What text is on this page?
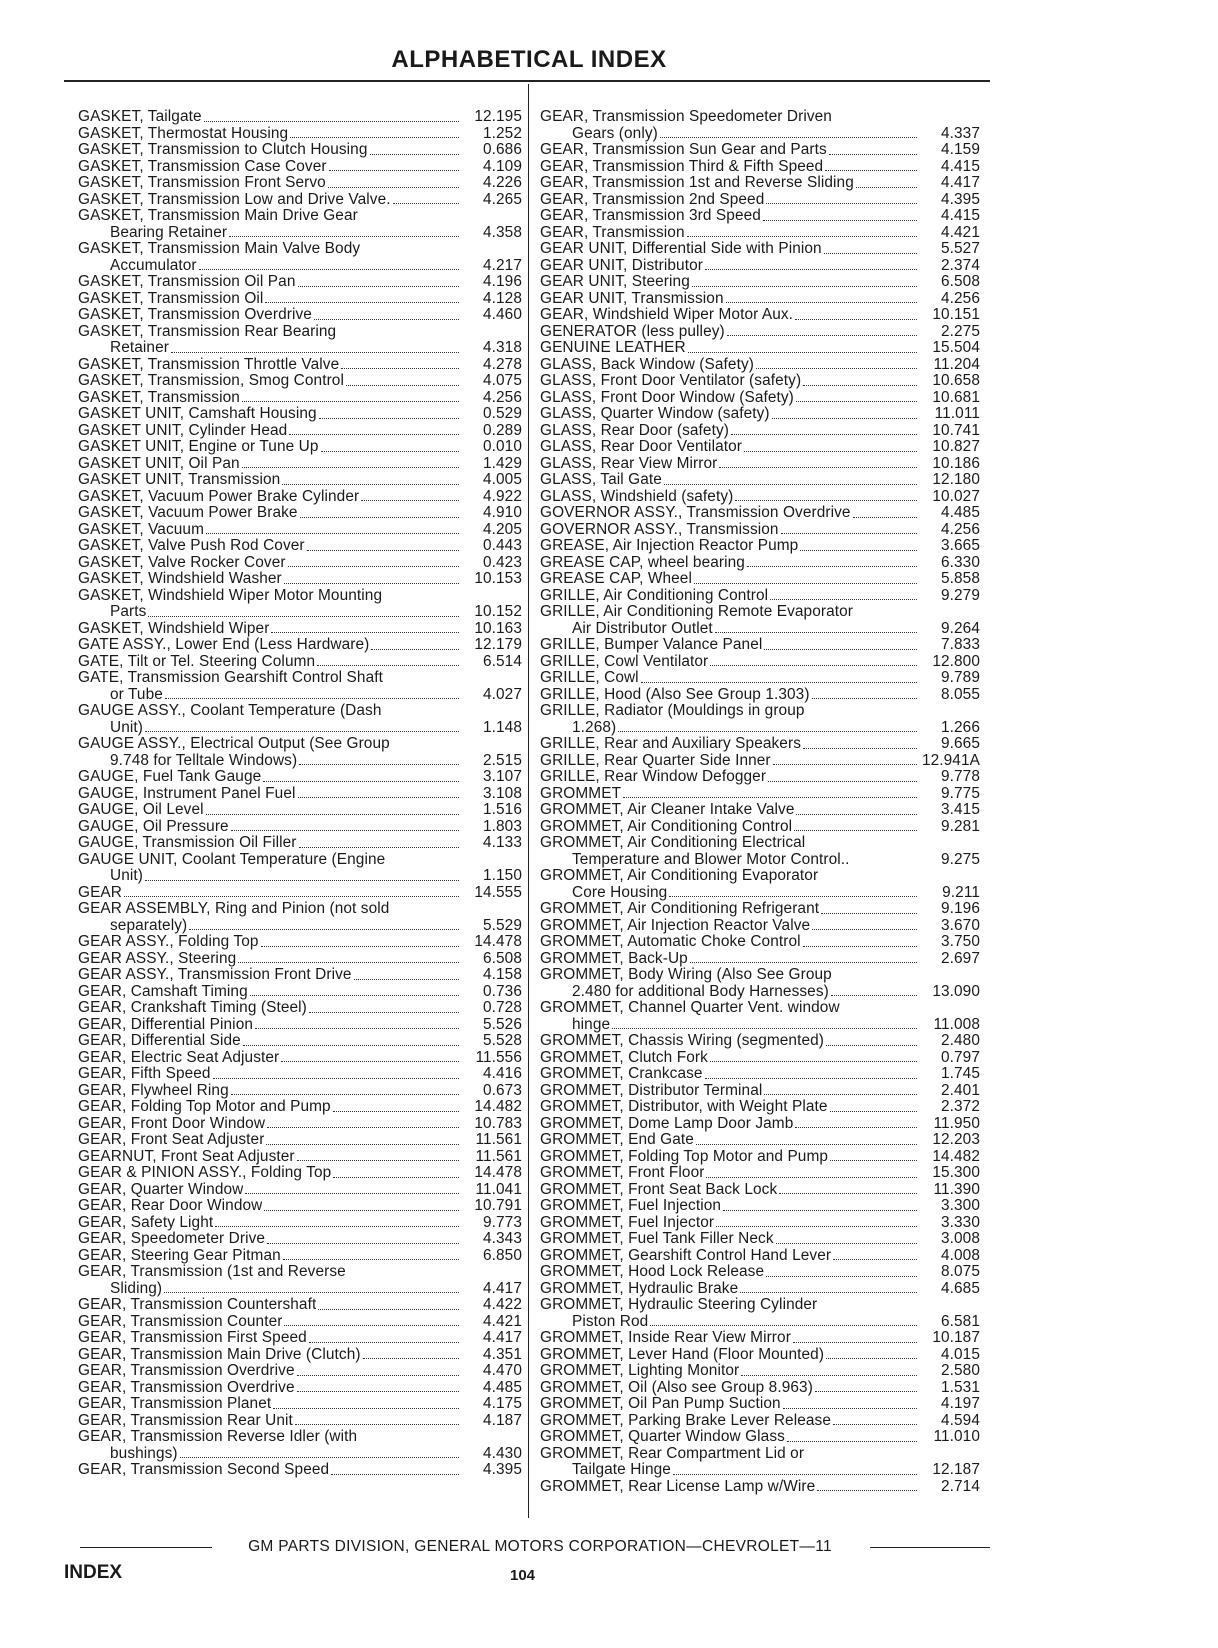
ALPHABETICAL INDEX
GASKET, Tailgate	12.195
GASKET, Thermostat Housing	1.252
GASKET, Transmission to Clutch Housing	0.686
GASKET, Transmission Case Cover	4.109
GASKET, Transmission Front Servo	4.226
GASKET, Transmission Low and Drive Valve.	4.265
GASKET, Transmission Main Drive Gear
Bearing Retainer	4.358
GASKET, Transmission Main Valve Body
Accumulator	4.217
GASKET, Transmission Oil Pan	4.196
GASKET, Transmission Oil	4.128
GASKET, Transmission Overdrive	4.460
GASKET, Transmission Rear Bearing
Retainer	4.318
GASKET, Transmission Throttle Valve	4.278
GASKET, Transmission, Smog Control	4.075
GASKET, Transmission	4.256
GASKET UNIT, Camshaft Housing	0.529
GASKET UNIT, Cylinder Head	0.289
GASKET UNIT, Engine or Tune Up	0.010
GASKET UNIT, Oil Pan	1.429
GASKET UNIT, Transmission	4.005
GASKET, Vacuum Power Brake Cylinder	4.922
GASKET, Vacuum Power Brake	4.910
GASKET, Vacuum	4.205
GASKET, Valve Push Rod Cover	0.443
GASKET, Valve Rocker Cover	0.423
GASKET, Windshield Washer	10.153
GASKET, Windshield Wiper Motor Mounting
Parts	10.152
GASKET, Windshield Wiper	10.163
GATE ASSY., Lower End (Less Hardware)	12.179
GATE, Tilt or Tel. Steering Column	6.514
GATE, Transmission Gearshift Control Shaft
or Tube	4.027
GAUGE ASSY., Coolant Temperature (Dash
Unit)	1.148
GAUGE ASSY., Electrical Output (See Group
9.748 for Telltale Windows)	2.515
GAUGE, Fuel Tank Gauge	3.107
GAUGE, Instrument Panel Fuel	3.108
GAUGE, Oil Level	1.516
GAUGE, Oil Pressure	1.803
GAUGE, Transmission Oil Filler	4.133
GAUGE UNIT, Coolant Temperature (Engine
Unit)	1.150
GEAR	14.555
GEAR ASSEMBLY, Ring and Pinion (not sold
separately)	5.529
GEAR ASSY., Folding Top	14.478
GEAR ASSY., Steering	6.508
GEAR ASSY., Transmission Front Drive	4.158
GEAR, Camshaft Timing	0.736
GEAR, Crankshaft Timing (Steel)	0.728
GEAR, Differential Pinion	5.526
GEAR, Differential Side	5.528
GEAR, Electric Seat Adjuster	11.556
GEAR, Fifth Speed	4.416
GEAR, Flywheel Ring	0.673
GEAR, Folding Top Motor and Pump	14.482
GEAR, Front Door Window	10.783
GEAR, Front Seat Adjuster	11.561
GEARNUT, Front Seat Adjuster	11.561
GEAR & PINION ASSY., Folding Top	14.478
GEAR, Quarter Window	11.041
GEAR, Rear Door Window	10.791
GEAR, Safety Light	9.773
GEAR, Speedometer Drive	4.343
GEAR, Steering Gear Pitman	6.850
GEAR, Transmission (1st and Reverse
Sliding)	4.417
GEAR, Transmission Countershaft	4.422
GEAR, Transmission Counter	4.421
GEAR, Transmission First Speed	4.417
GEAR, Transmission Main Drive (Clutch)	4.351
GEAR, Transmission Overdrive	4.470
GEAR, Transmission Overdrive	4.485
GEAR, Transmission Planet	4.175
GEAR, Transmission Rear Unit	4.187
GEAR, Transmission Reverse Idler (with
bushings)	4.430
GEAR, Transmission Second Speed	4.395
GEAR, Transmission Speedometer Driven
Gears (only)	4.337
GEAR, Transmission Sun Gear and Parts	4.159
GEAR, Transmission Third & Fifth Speed	4.415
GEAR, Transmission 1st and Reverse Sliding	4.417
GEAR, Transmission 2nd Speed	4.395
GEAR, Transmission 3rd Speed	4.415
GEAR, Transmission	4.421
GEAR UNIT, Differential Side with Pinion	5.527
GEAR UNIT, Distributor	2.374
GEAR UNIT, Steering	6.508
GEAR UNIT, Transmission	4.256
GEAR, Windshield Wiper Motor Aux.	10.151
GENERATOR (less pulley)	2.275
GENUINE LEATHER	15.504
GLASS, Back Window (Safety)	11.204
GLASS, Front Door Ventilator (safety)	10.658
GLASS, Front Door Window (Safety)	10.681
GLASS, Quarter Window (safety)	11.011
GLASS, Rear Door (safety)	10.741
GLASS, Rear Door Ventilator	10.827
GLASS, Rear View Mirror	10.186
GLASS, Tail Gate	12.180
GLASS, Windshield (safety)	10.027
GOVERNOR ASSY., Transmission Overdrive	4.485
GOVERNOR ASSY., Transmission	4.256
GREASE, Air Injection Reactor Pump	3.665
GREASE CAP, wheel bearing	6.330
GREASE CAP, Wheel	5.858
GRILLE, Air Conditioning Control	9.279
GRILLE, Air Conditioning Remote Evaporator
Air Distributor Outlet	9.264
GRILLE, Bumper Valance Panel	7.833
GRILLE, Cowl Ventilator	12.800
GRILLE, Cowl	9.789
GRILLE, Hood (Also See Group 1.303)	8.055
GRILLE, Radiator (Mouldings in group
1.268)	1.266
GRILLE, Rear and Auxiliary Speakers	9.665
GRILLE, Rear Quarter Side Inner	12.941A
GRILLE, Rear Window Defogger	9.778
GROMMET	9.775
GROMMET, Air Cleaner Intake Valve	3.415
GROMMET, Air Conditioning Control	9.281
GROMMET, Air Conditioning Electrical
Temperature and Blower Motor Control..	9.275
GROMMET, Air Conditioning Evaporator
Core Housing	9.211
GROMMET, Air Conditioning Refrigerant	9.196
GROMMET, Air Injection Reactor Valve	3.670
GROMMET, Automatic Choke Control	3.750
GROMMET, Back-Up	2.697
GROMMET, Body Wiring (Also See Group
2.480 for additional Body Harnesses)	13.090
GROMMET, Channel Quarter Vent. window
hinge	11.008
GROMMET, Chassis Wiring (segmented)	2.480
GROMMET, Clutch Fork	0.797
GROMMET, Crankcase	1.745
GROMMET, Distributor Terminal	2.401
GROMMET, Distributor, with Weight Plate	2.372
GROMMET, Dome Lamp Door Jamb	11.950
GROMMET, End Gate	12.203
GROMMET, Folding Top Motor and Pump	14.482
GROMMET, Front Floor	15.300
GROMMET, Front Seat Back Lock	11.390
GROMMET, Fuel Injection	3.300
GROMMET, Fuel Injector	3.330
GROMMET, Fuel Tank Filler Neck	3.008
GROMMET, Gearshift Control Hand Lever	4.008
GROMMET, Hood Lock Release	8.075
GROMMET, Hydraulic Brake	4.685
GROMMET, Hydraulic Steering Cylinder
Piston Rod	6.581
GROMMET, Inside Rear View Mirror	10.187
GROMMET, Lever Hand (Floor Mounted)	4.015
GROMMET, Lighting Monitor	2.580
GROMMET, Oil (Also see Group 8.963)	1.531
GROMMET, Oil Pan Pump Suction	4.197
GROMMET, Parking Brake Lever Release	4.594
GROMMET, Quarter Window Glass	11.010
GROMMET, Rear Compartment Lid or
Tailgate Hinge	12.187
GROMMET, Rear License Lamp w/Wire	2.714
GM PARTS DIVISION, GENERAL MOTORS CORPORATION—CHEVROLET—11
INDEX	104
